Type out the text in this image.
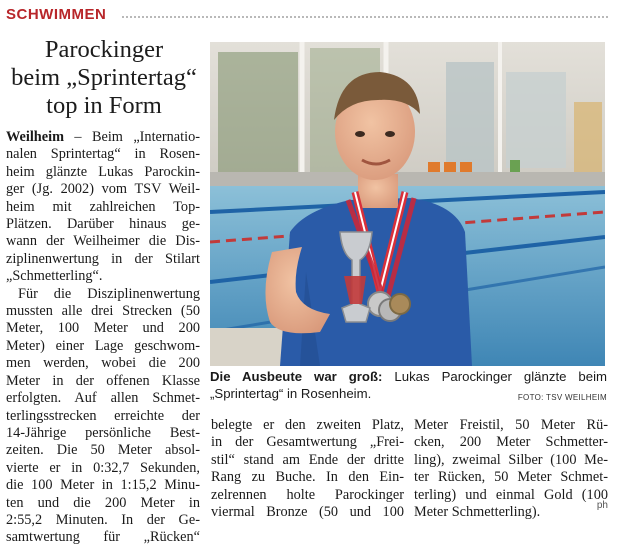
SCHWIMMEN
Parockinger
beim „Sprintertag“
top in Form
Weilheim – Beim „Internatio-
nalen Sprintertag“ in Rosen-
heim glänzte Lukas Parockin-
ger (Jg. 2002) vom TSV Weil-
heim mit zahlreichen Top-
Plätzen. Darüber hinaus ge-
wann der Weilheimer die Dis-
ziplinenwertung in der Stilart
„Schmetterling“.
Für die Disziplinenwertung
mussten alle drei Strecken (50
Meter, 100 Meter und 200
Meter) einer Lage geschwom-
men werden, wobei die 200
Meter in der offenen Klasse
erfolgten. Auf allen Schmet-
terlingsstrecken erreichte der
14-Jährige persönliche Best-
zeiten. Die 50 Meter absol-
vierte er in 0:32,7 Sekunden,
die 100 Meter in 1:15,2 Minu-
ten und die 200 Meter in
2:55,2 Minuten. In der Ge-
samtwertung für „Rücken“
Die Ausbeute war groß: Lukas Parockinger glänzte beim
„Sprintertag“ in Rosenheim.	FOTO: TSV WEILHEIM
belegte er den zweiten Platz,
in der Gesamtwertung „Frei-
stil“ stand am Ende der dritte
Rang zu Buche. In den Ein-
zelrennen holte Parockinger
viermal Bronze (50 und 100
Meter Freistil, 50 Meter Rü-
cken, 200 Meter Schmetter-
ling), zweimal Silber (100 Me-
ter Rücken, 50 Meter Schmet-
terling) und einmal Gold (100
Meter Schmetterling).	ph
